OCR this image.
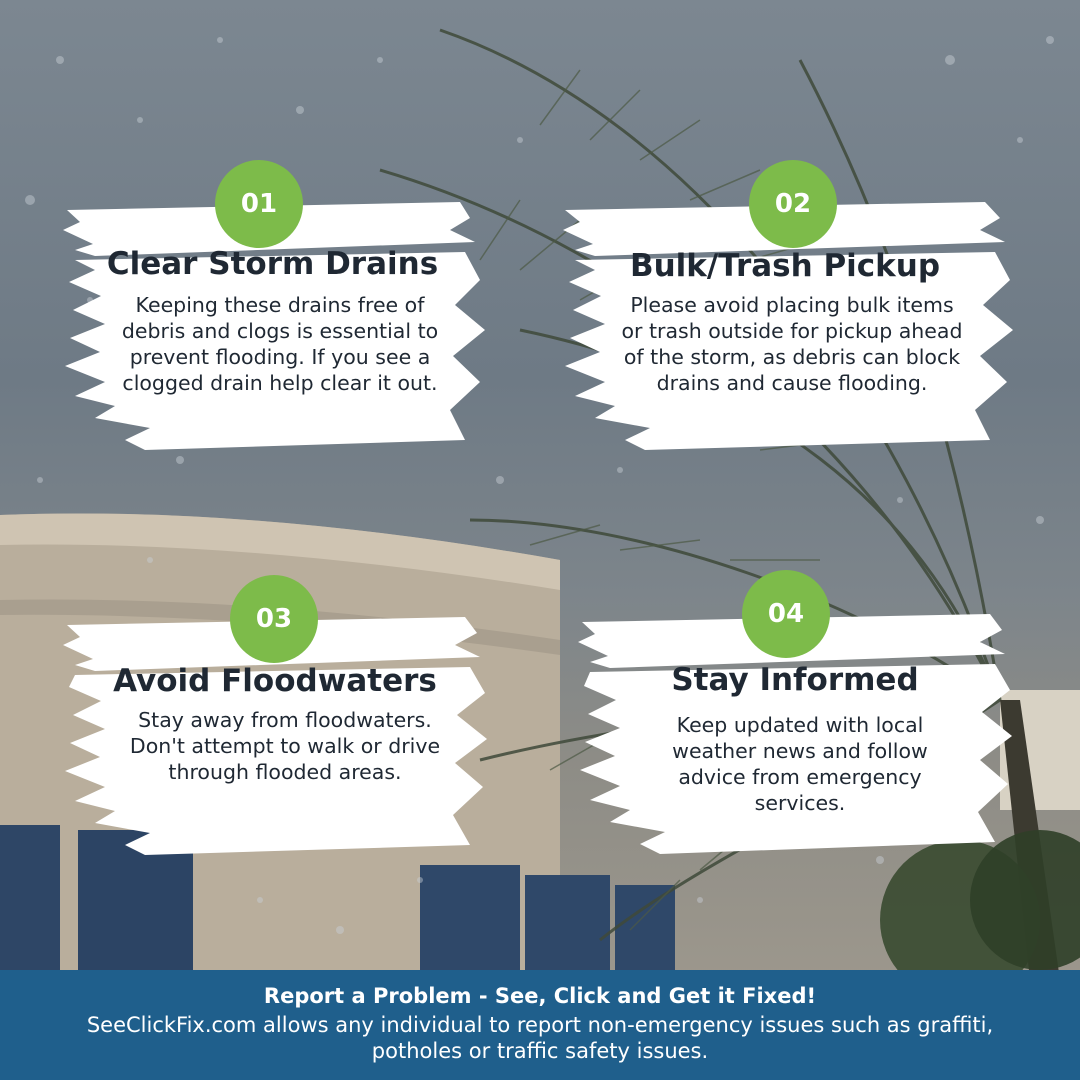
01
Clear Storm Drains
Keeping these drains free of debris and clogs is essential to prevent flooding. If you see a clogged drain help clear it out.
02
Bulk/Trash Pickup
Please avoid placing bulk items or trash outside for pickup ahead of the storm, as debris can block drains and cause flooding.
03
Avoid Floodwaters
Stay away from floodwaters. Don't attempt to walk or drive through flooded areas.
04
Stay Informed
Keep updated with local weather news and follow advice from emergency services.
Report a Problem - See, Click and Get it Fixed!
SeeClickFix.com allows any individual to report non-emergency issues such as graffiti, potholes or traffic safety issues.
